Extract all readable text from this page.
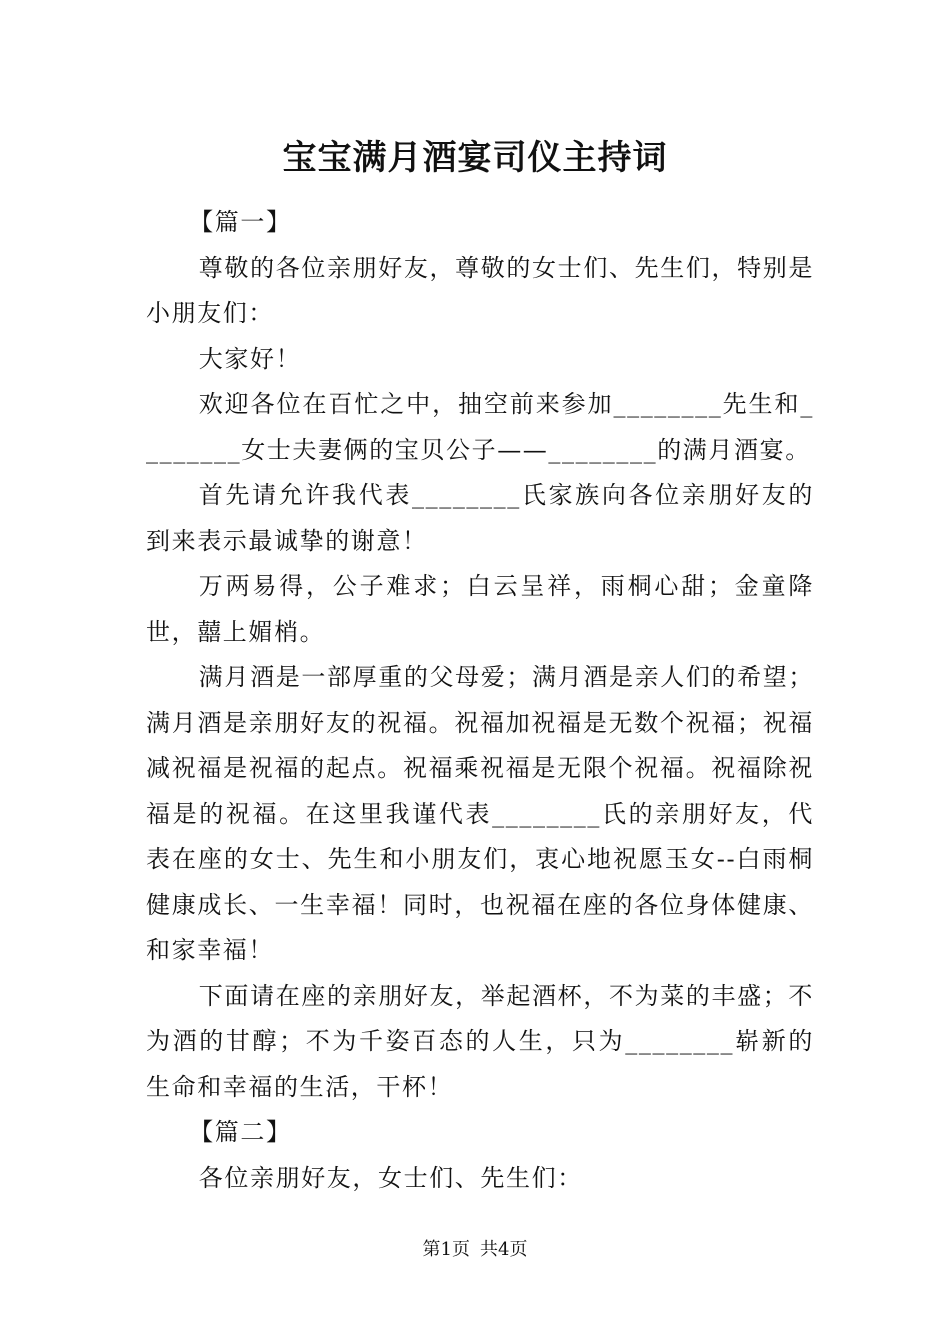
宝宝满月酒宴司仪主持词

【篇一】

尊敬的各位亲朋好友，尊敬的女士们、先生们，特别是小朋友们：

大家好！

欢迎各位在百忙之中，抽空前来参加________先生和________女士夫妻俩的宝贝公子——________的满月酒宴。

首先请允许我代表________氏家族向各位亲朋好友的到来表示最诚挚的谢意！

万两易得，公子难求；白云呈祥，雨桐心甜；金童降世，囍上媚梢。

满月酒是一部厚重的父母爱；满月酒是亲人们的希望；满月酒是亲朋好友的祝福。祝福加祝福是无数个祝福；祝福减祝福是祝福的起点。祝福乘祝福是无限个祝福。祝福除祝福是的祝福。在这里我谨代表________氏的亲朋好友，代表在座的女士、先生和小朋友们，衷心地祝愿玉女--白雨桐健康成长、一生幸福！同时，也祝福在座的各位身体健康、和家幸福！

下面请在座的亲朋好友，举起酒杯，不为菜的丰盛；不为酒的甘醇；不为千姿百态的人生，只为________崭新的生命和幸福的生活，干杯！

【篇二】

各位亲朋好友，女士们、先生们：

第1页 共4页
